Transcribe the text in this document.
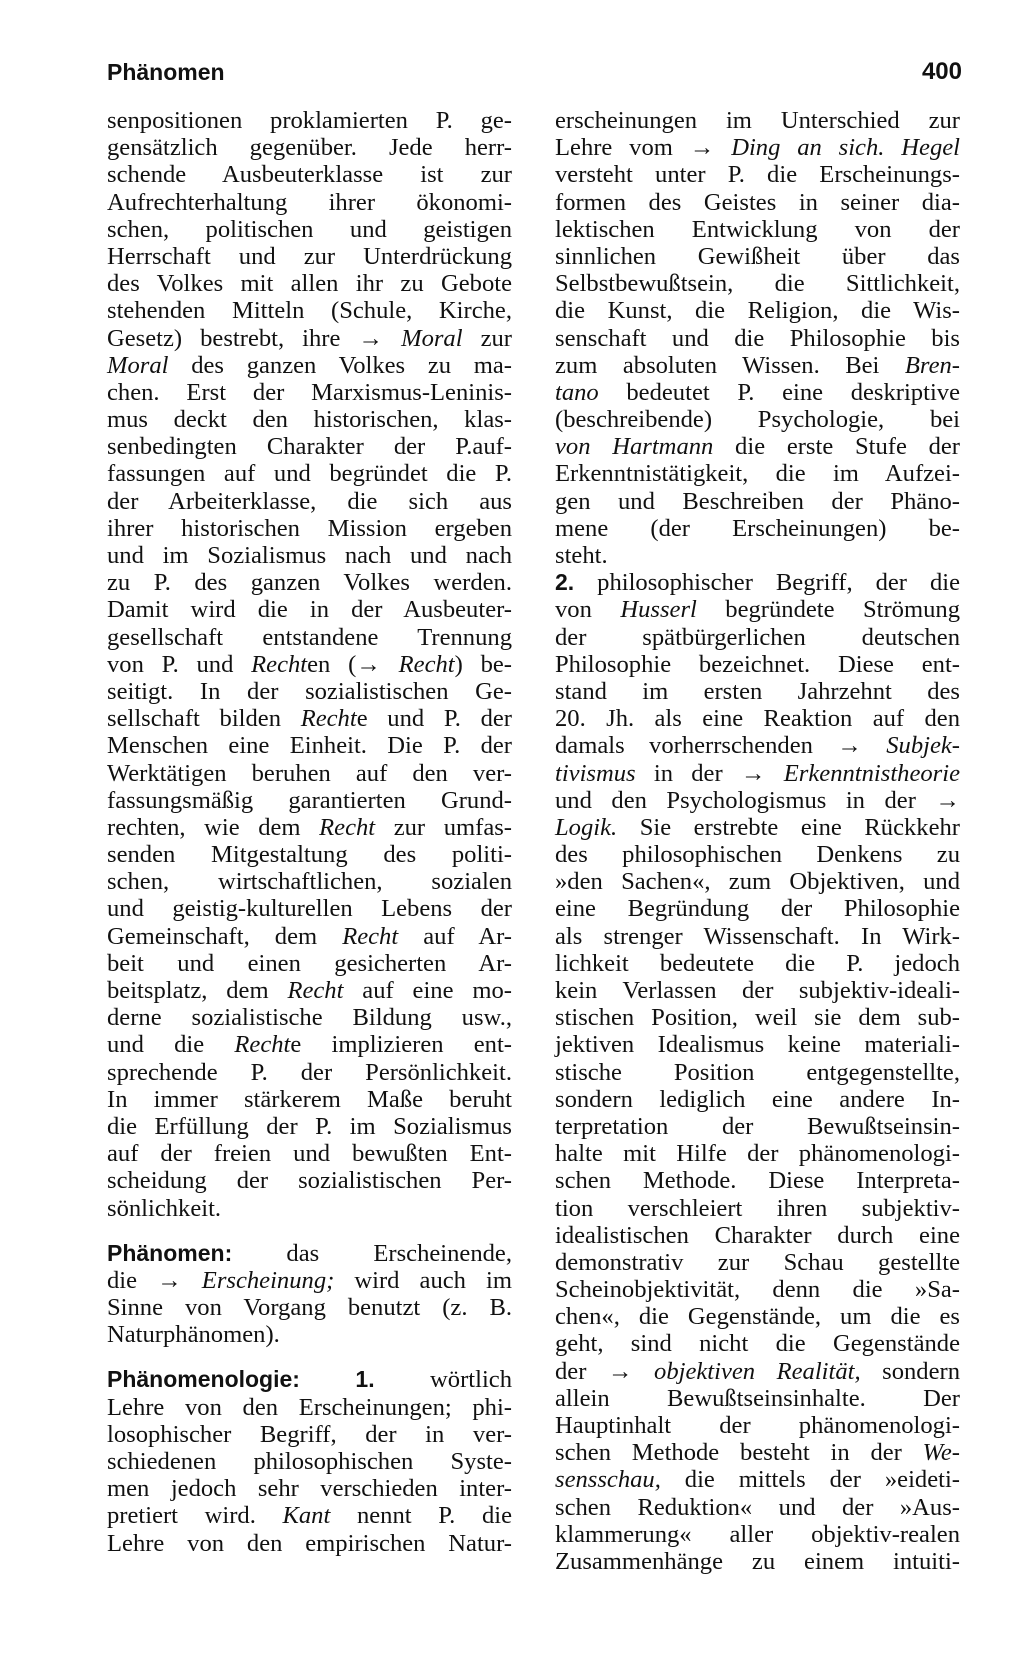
Phänomen	400
senpositionen proklamierten P. ge-
gensätzlich gegenüber. Jede herr-
schende Ausbeuterklasse ist zur
Aufrechterhaltung ihrer ökonomi-
schen, politischen und geistigen
Herrschaft und zur Unterdrückung
des Volkes mit allen ihr zu Gebote
stehenden Mitteln (Schule, Kirche,
Gesetz) bestrebt, ihre → Moral zur
Moral des ganzen Volkes zu ma-
chen. Erst der Marxismus-Leninis-
mus deckt den historischen, klas-
senbedingten Charakter der P.auf-
fassungen auf und begründet die P.
der Arbeiterklasse, die sich aus
ihrer historischen Mission ergeben
und im Sozialismus nach und nach
zu P. des ganzen Volkes werden.
Damit wird die in der Ausbeuter-
gesellschaft entstandene Trennung
von P. und Rechten (→ Recht) be-
seitigt. In der sozialistischen Ge-
sellschaft bilden Rechte und P. der
Menschen eine Einheit. Die P. der
Werktätigen beruhen auf den ver-
fassungsmäßig garantierten Grund-
rechten, wie dem Recht zur umfas-
senden Mitgestaltung des politi-
schen, wirtschaftlichen, sozialen
und geistig-kulturellen Lebens der
Gemeinschaft, dem Recht auf Ar-
beit und einen gesicherten Ar-
beitsplatz, dem Recht auf eine mo-
derne sozialistische Bildung usw.,
und die Rechte implizieren ent-
sprechende P. der Persönlichkeit.
In immer stärkerem Maße beruht
die Erfüllung der P. im Sozialismus
auf der freien und bewußten Ent-
scheidung der sozialistischen Per-
sönlichkeit.
Phänomen: das Erscheinende,
die → Erscheinung; wird auch im
Sinne von Vorgang benutzt (z. B.
Naturphänomen).
Phänomenologie: 1. wörtlich
Lehre von den Erscheinungen; phi-
losophischer Begriff, der in ver-
schiedenen philosophischen Syste-
men jedoch sehr verschieden inter-
pretiert wird. Kant nennt P. die
Lehre von den empirischen Natur-
erscheinungen im Unterschied zur
Lehre vom → Ding an sich. Hegel
versteht unter P. die Erscheinungs-
formen des Geistes in seiner dia-
lektischen Entwicklung von der
sinnlichen Gewißheit über das
Selbstbewußtsein, die Sittlichkeit,
die Kunst, die Religion, die Wis-
senschaft und die Philosophie bis
zum absoluten Wissen. Bei Bren-
tano bedeutet P. eine deskriptive
(beschreibende) Psychologie, bei
von Hartmann die erste Stufe der
Erkenntnistätigkeit, die im Aufzei-
gen und Beschreiben der Phäno-
mene (der Erscheinungen) be-
steht.
2. philosophischer Begriff, der die
von Husserl begründete Strömung
der spätbürgerlichen deutschen
Philosophie bezeichnet. Diese ent-
stand im ersten Jahrzehnt des
20. Jh. als eine Reaktion auf den
damals vorherrschenden → Subjek-
tivismus in der → Erkenntnistheorie
und den Psychologismus in der →
Logik. Sie erstrebte eine Rückkehr
des philosophischen Denkens zu
»den Sachen«, zum Objektiven, und
eine Begründung der Philosophie
als strenger Wissenschaft. In Wirk-
lichkeit bedeutete die P. jedoch
kein Verlassen der subjektiv-ideali-
stischen Position, weil sie dem sub-
jektiven Idealismus keine materiali-
stische Position entgegenstellte,
sondern lediglich eine andere In-
terpretation der Bewußtseinsin-
halte mit Hilfe der phänomenologi-
schen Methode. Diese Interpreta-
tion verschleiert ihren subjektiv-
idealistischen Charakter durch eine
demonstrativ zur Schau gestellte
Scheinobjektivität, denn die »Sa-
chen«, die Gegenstände, um die es
geht, sind nicht die Gegenstände
der → objektiven Realität, sondern
allein Bewußtseinsinhalte. Der
Hauptinhalt der phänomenologi-
schen Methode besteht in der We-
sensschau, die mittels der »eideti-
schen Reduktion« und der »Aus-
klammerung« aller objektiv-realen
Zusammenhänge zu einem intuiti-
